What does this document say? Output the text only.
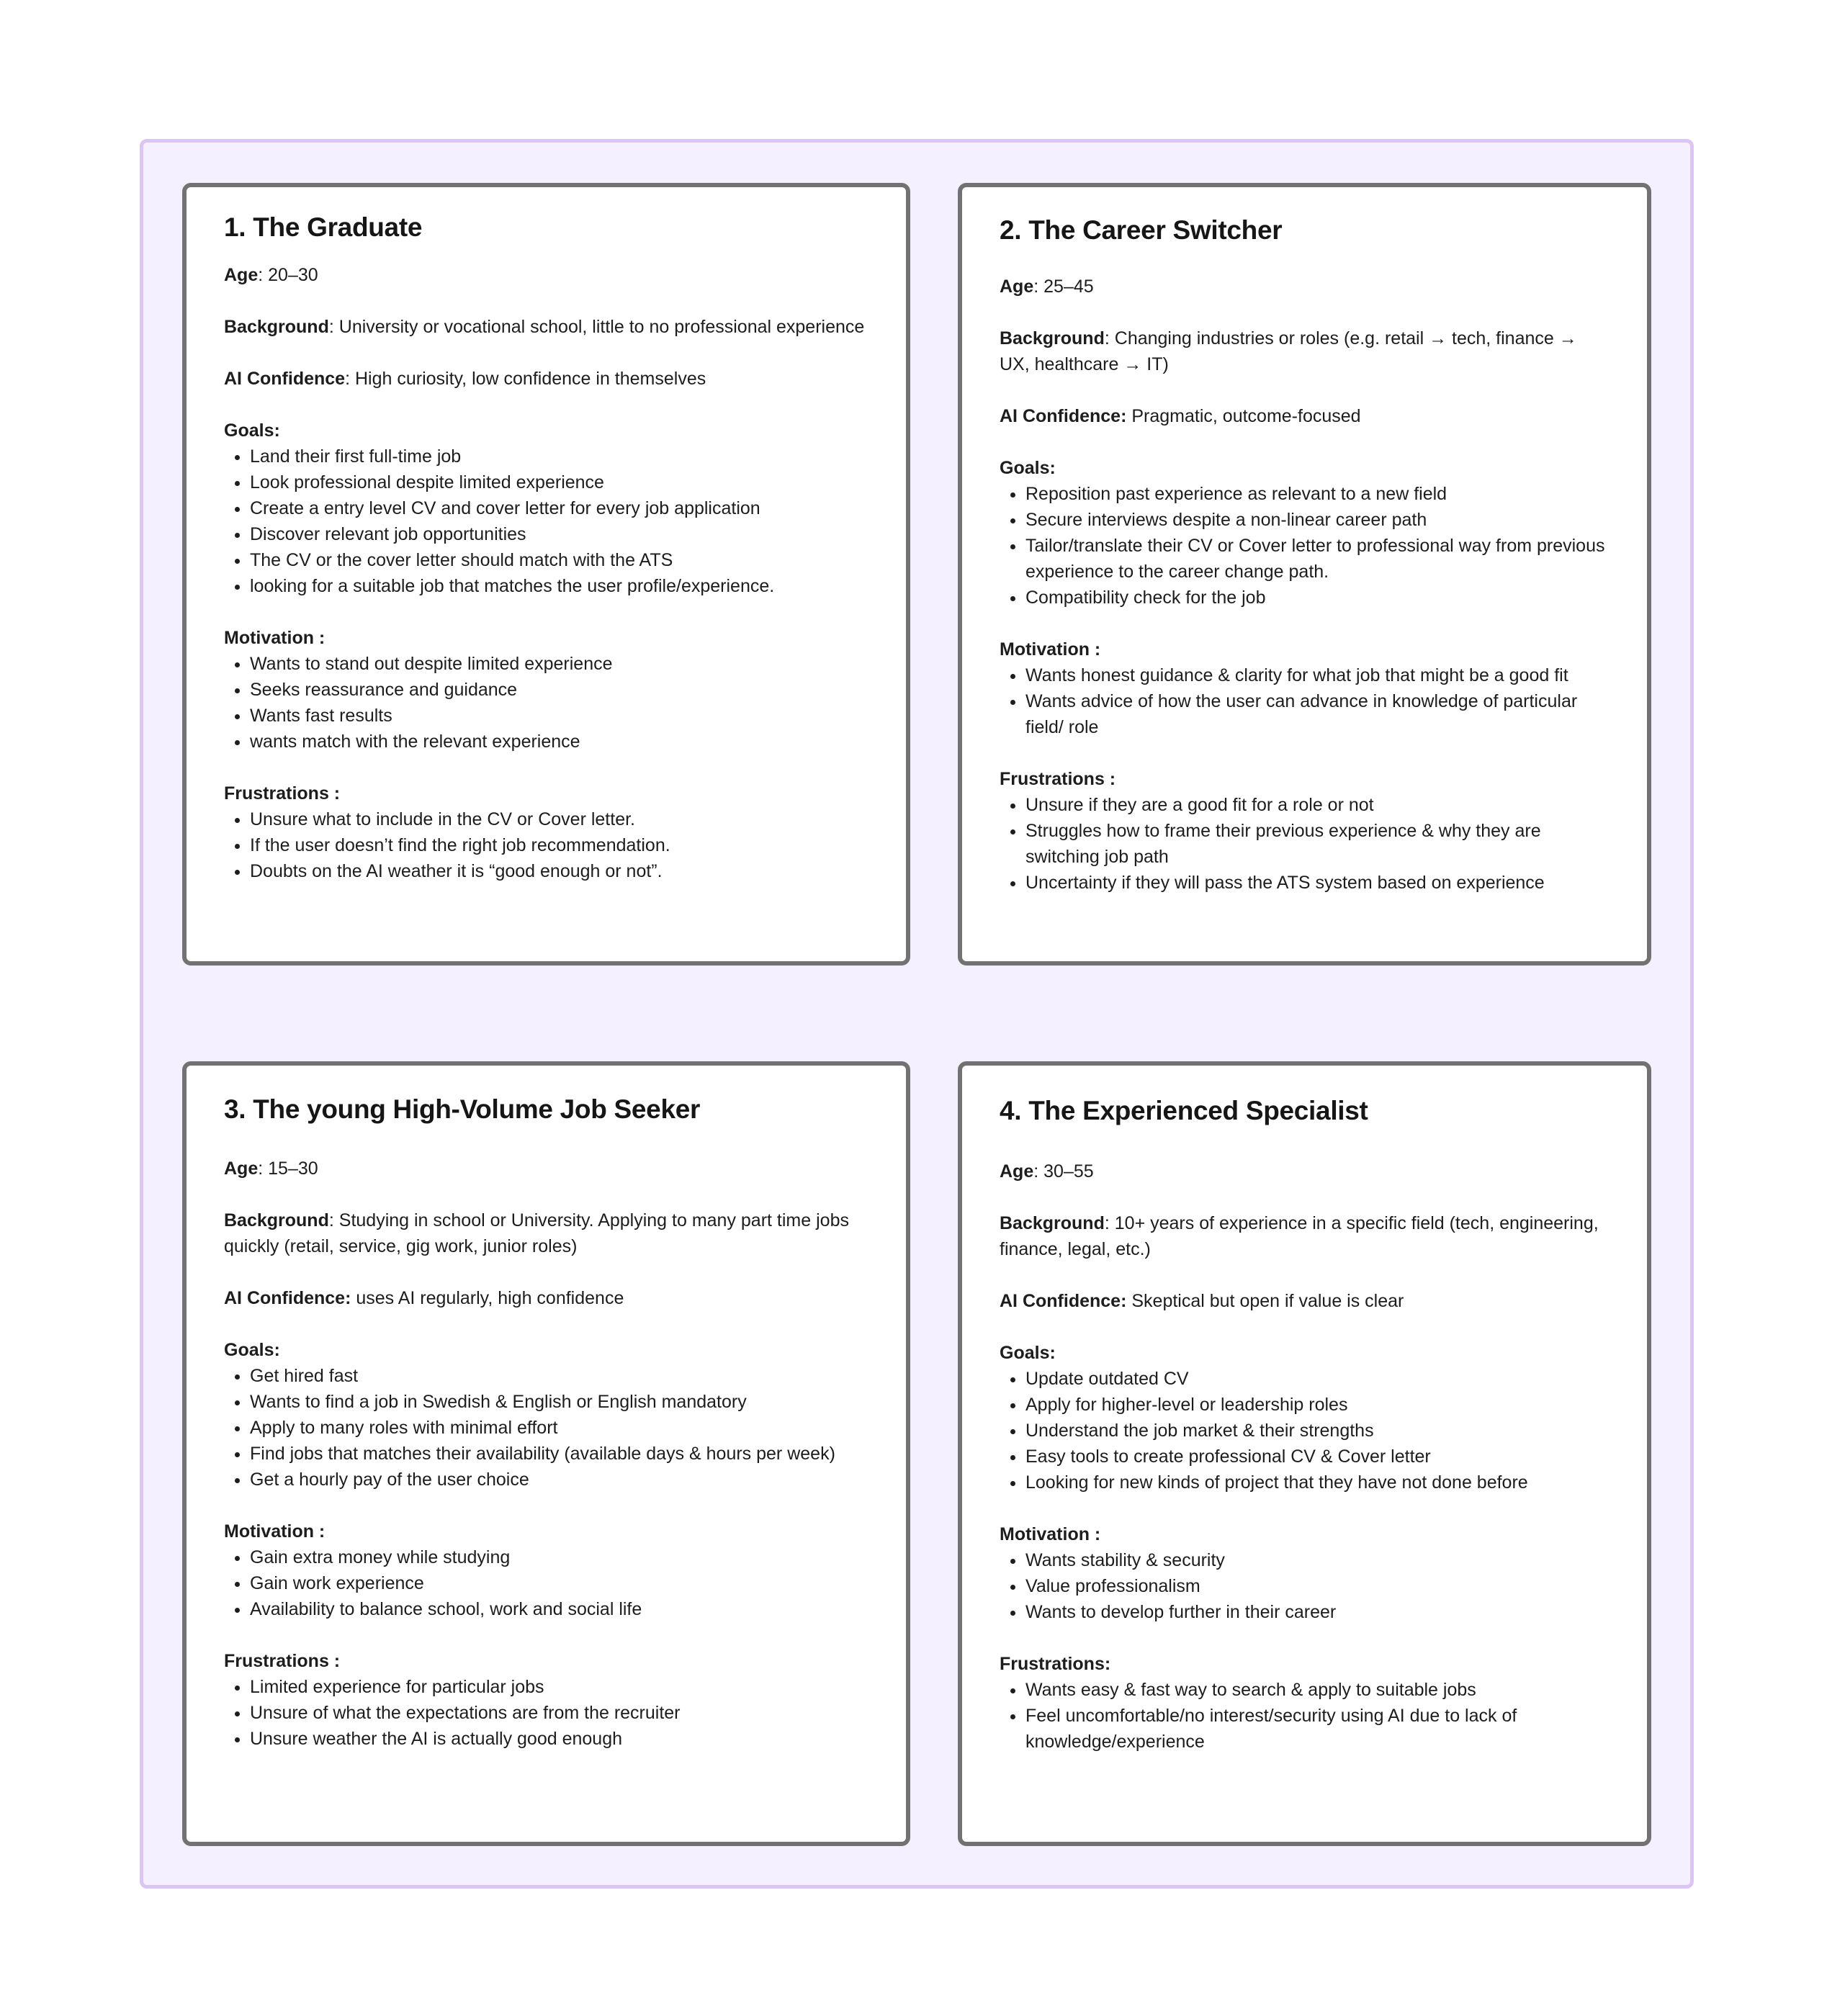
1. The Graduate

Age: 20–30

Background: University or vocational school, little to no professional experience

AI Confidence: High curiosity, low confidence in themselves

Goals:

• Land their first full-time job
• Look professional despite limited experience
• Create a entry level CV and cover letter for every job application
• Discover relevant job opportunities
• The CV or the cover letter should match with the ATS
• looking for a suitable job that matches the user profile/experience.

Motivation :

• Wants to stand out despite limited experience
• Seeks reassurance and guidance
• Wants fast results
• wants match with the relevant experience

Frustrations :

• Unsure what to include in the CV or Cover letter.
• If the user doesn’t find the right job recommendation.
• Doubts on the AI weather it is “good enough or not”.
2. The Career Switcher

Age: 25–45

Background: Changing industries or roles (e.g. retail → tech, finance → UX, healthcare → IT)

AI Confidence: Pragmatic, outcome-focused

Goals:

• Reposition past experience as relevant to a new field
• Secure interviews despite a non-linear career path
• Tailor/translate their CV or Cover letter to professional way from previous experience to the career change path.
• Compatibility check for the job

Motivation :

• Wants honest guidance & clarity for what job that might be a good fit
• Wants advice of how the user can advance in knowledge of particular field/ role

Frustrations :

• Unsure if they are a good fit for a role or not
• Struggles how to frame their previous experience & why they are switching job path
• Uncertainty if they will pass the ATS system based on experience
3. The young High-Volume Job Seeker

Age: 15–30

Background: Studying in school or University. Applying to many part time jobs quickly (retail, service, gig work, junior roles)

AI Confidence: uses AI regularly, high confidence

Goals:

• Get hired fast
• Wants to find a job in Swedish & English or English mandatory
• Apply to many roles with minimal effort
• Find jobs that matches their availability (available days & hours per week)
• Get a hourly pay of the user choice

Motivation :

• Gain extra money while studying
• Gain work experience
• Availability to balance school, work and social life

Frustrations :

• Limited experience for particular jobs
• Unsure of what the expectations are from the recruiter
• Unsure weather the AI is actually good enough
4. The Experienced Specialist

Age: 30–55

Background: 10+ years of experience in a specific field (tech, engineering, finance, legal, etc.)

AI Confidence: Skeptical but open if value is clear

Goals:

• Update outdated CV
• Apply for higher-level or leadership roles
• Understand the job market & their strengths
• Easy tools to create professional CV & Cover letter
• Looking for new kinds of project that they have not done before

Motivation :

• Wants stability & security
• Value professionalism
• Wants to develop further in their career

Frustrations:

• Wants easy & fast way to search & apply to suitable jobs
• Feel uncomfortable/no interest/security using AI due to lack of knowledge/experience
